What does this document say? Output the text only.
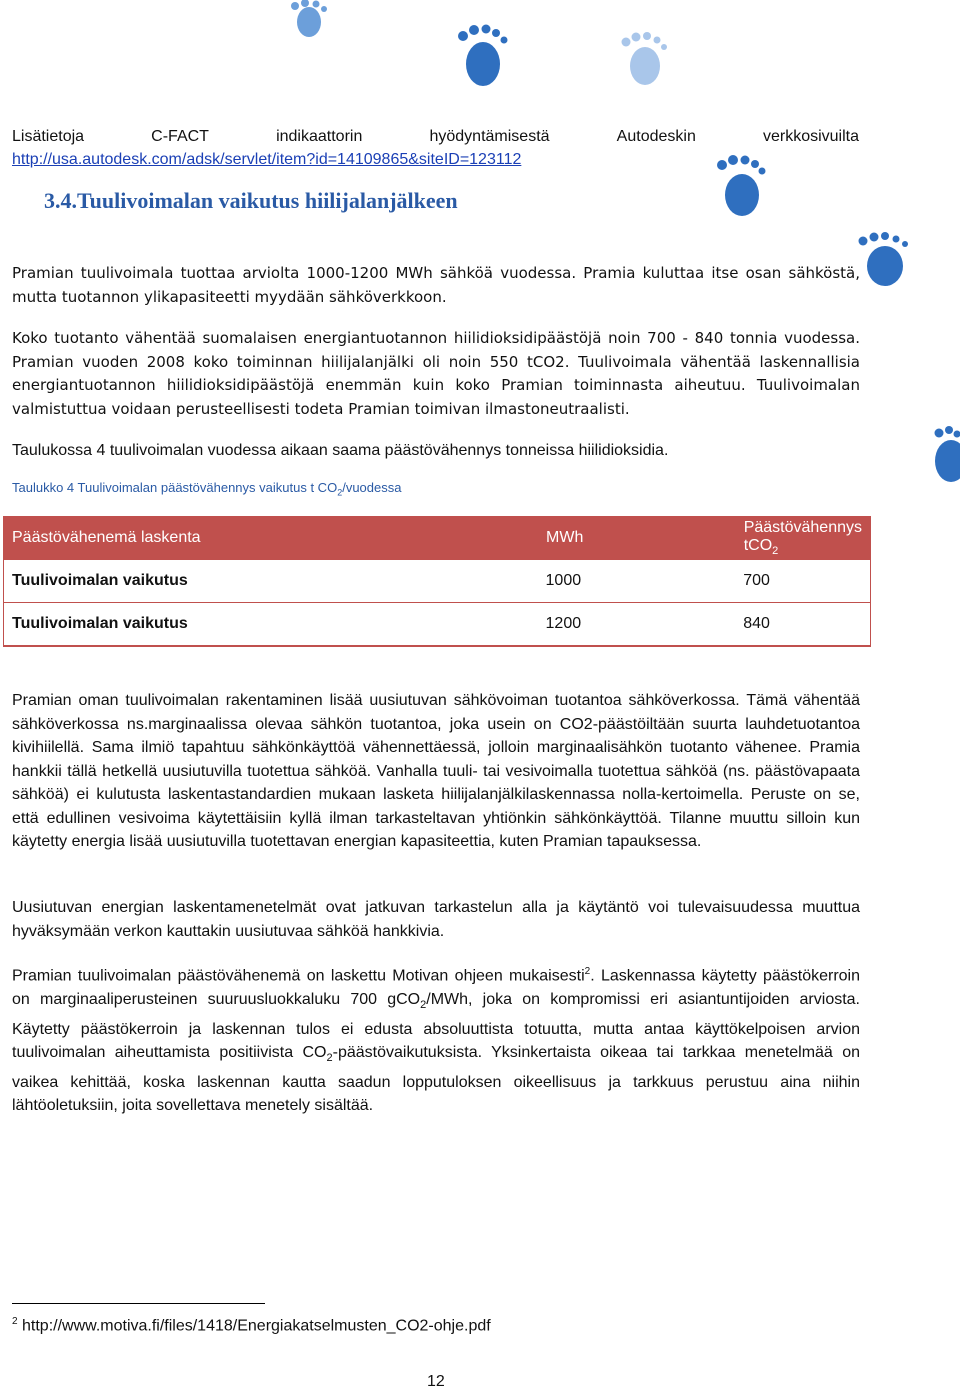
Lisätietoja	C-FACT	indikaattorin	hyödyntämisestä	Autodeskin	verkkosivuilta
http://usa.autodesk.com/adsk/servlet/item?id=14109865&siteID=123112
3.4.Tuulivoimalan vaikutus hiilijalanjälkeen

Pramian tuulivoimala tuottaa arviolta 1000-1200 MWh sähköä vuodessa. Pramia kuluttaa itse osan sähköstä, mutta tuotannon ylikapasiteetti myydään sähköverkkoon.

Koko tuotanto vähentää suomalaisen energiantuotannon hiilidioksidipäästöjä noin 700 - 840 tonnia vuodessa. Pramian vuoden 2008 koko toiminnan hiilijalanjälki oli noin 550 tCO2. Tuulivoimala vähentää laskennallisia energiantuotannon hiilidioksidipäästöjä enemmän kuin koko Pramian toiminnasta aiheutuu. Tuulivoimalan valmistuttua voidaan perusteellisesti todeta Pramian toimivan ilmastoneutraalisti.

Taulukossa 4 tuulivoimalan vuodessa aikaan saama päästövähennys tonneissa hiilidioksidia.

Taulukko 4 Tuulivoimalan päästövähennys vaikutus t $CO_2$/vuodessa

Päästövähenemä laskenta	MWh	Päästövähennys tCO$_2$
Tuulivoimalan vaikutus	1000	700
Tuulivoimalan vaikutus	1200	840

Pramian oman tuulivoimalan rakentaminen lisää uusiutuvan sähkövoiman tuotantoa sähköverkossa. Tämä vähentää sähköverkossa ns.marginaalissa olevaa sähkön tuotantoa, joka usein on CO2-päästöiltään suurta lauhdetuotantoa kivihiilellä. Sama ilmiö tapahtuu sähkönkäyttöä vähennettäessä, jolloin marginaalisähkön tuotanto vähenee. Pramia hankkii tällä hetkellä uusiutuvilla tuotettua sähköä. Vanhalla tuuli- tai vesivoimalla tuotettua sähköä (ns. päästövapaata sähköä) ei kulutusta laskentastandardien mukaan lasketa hiilijalanjälkilaskennassa nolla-kertoimella. Peruste on se, että edullinen vesivoima käytettäisiin kyllä ilman tarkasteltavan yhtiönkin sähkönkäyttöä. Tilanne muuttu silloin kun käytetty energia lisää uusiutuvilla tuotettavan energian kapasiteettia, kuten Pramian tapauksessa.

Uusiutuvan energian laskentamenetelmät ovat jatkuvan tarkastelun alla ja käytäntö voi tulevaisuudessa muuttua hyväksymään verkon kauttakin uusiutuvaa sähköä hankkivia.

Pramian tuulivoimalan päästövähenemä on laskettu Motivan ohjeen mukaisesti$^2$. Laskennassa käytetty päästökerroin on marginaaliperusteinen suuruusluokkaluku 700 gCO$_2$/MWh, joka on kompromissi eri asiantuntijoiden arviosta. Käytetty päästökerroin ja laskennan tulos ei edusta absoluuttista totuutta, mutta antaa käyttökelpoisen arvion tuulivoimalan aiheuttamista positiivista $CO_2$-päästövaikutuksista. Yksinkertaista oikeaa tai tarkkaa menetelmää on vaikea kehittää, koska laskennan kautta saadun lopputuloksen oikeellisuus ja tarkkuus perustuu aina niihin lähtöoletuksiin, joita sovellettava menetely sisältää.

$^2$ http://www.motiva.fi/files/1418/Energiakatselmusten_CO2-ohje.pdf
12
